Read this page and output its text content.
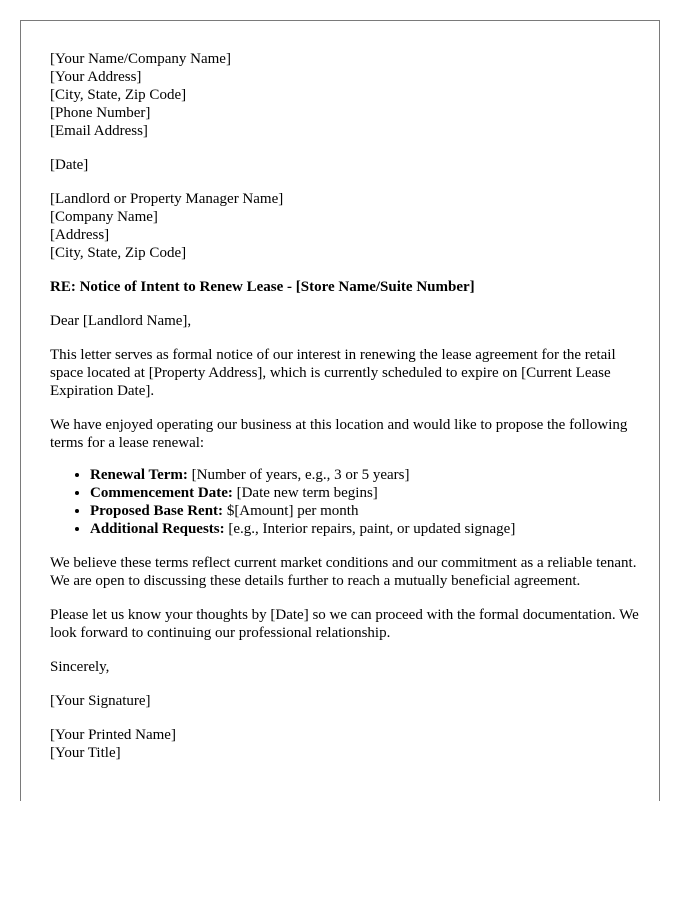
[Your Name/Company Name]
[Your Address]
[City, State, Zip Code]
[Phone Number]
[Email Address]
[Date]
[Landlord or Property Manager Name]
[Company Name]
[Address]
[City, State, Zip Code]
RE: Notice of Intent to Renew Lease - [Store Name/Suite Number]

Dear [Landlord Name],

This letter serves as formal notice of our interest in renewing the lease agreement for the retail space located at [Property Address], which is currently scheduled to expire on [Current Lease Expiration Date].

We have enjoyed operating our business at this location and would like to propose the following terms for a lease renewal:

• Renewal Term: [Number of years, e.g., 3 or 5 years]
• Commencement Date: [Date new term begins]
• Proposed Base Rent: $[Amount] per month
• Additional Requests: [e.g., Interior repairs, paint, or updated signage]

We believe these terms reflect current market conditions and our commitment as a reliable tenant. We are open to discussing these details further to reach a mutually beneficial agreement.

Please let us know your thoughts by [Date] so we can proceed with the formal documentation. We look forward to continuing our professional relationship.

Sincerely,

[Your Signature]

[Your Printed Name]
[Your Title]
